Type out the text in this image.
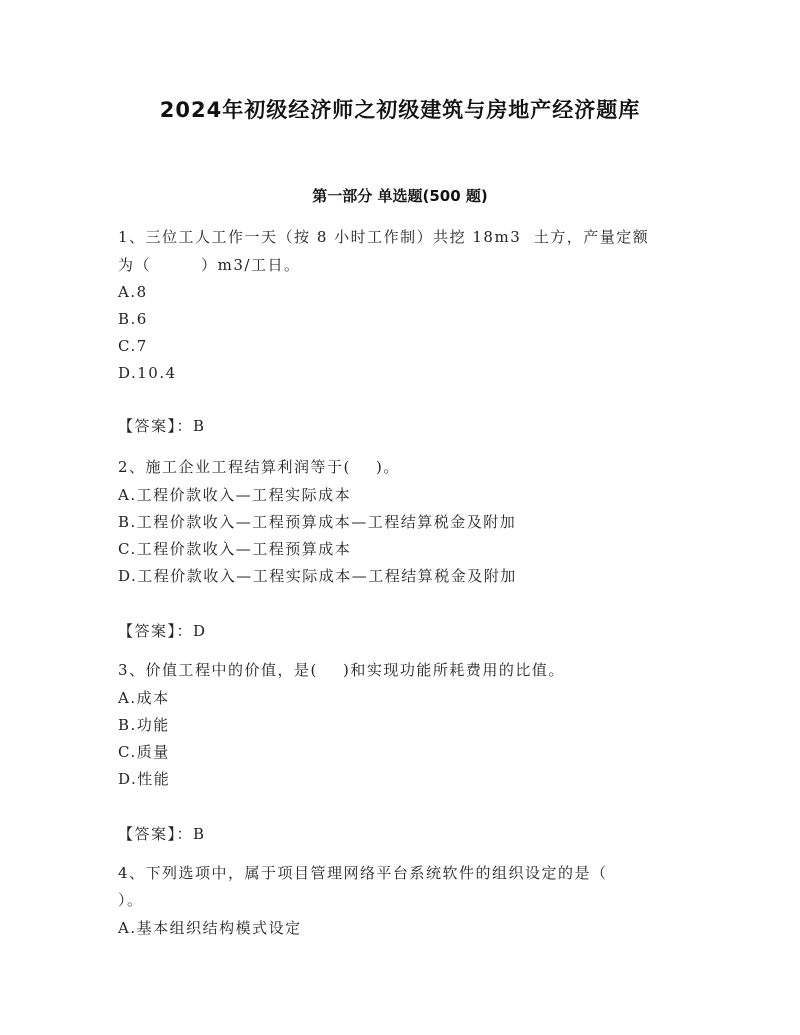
2024年初级经济师之初级建筑与房地产经济题库
第一部分 单选题(500 题)
1、三位工人工作一天（按 8 小时工作制）共挖 18m3  土方，产量定额
为（        ）m3/工日。
A.8
B.6
C.7
D.10.4
【答案】：B
2、施工企业工程结算利润等于(    )。
A.工程价款收入—工程实际成本
B.工程价款收入—工程预算成本—工程结算税金及附加
C.工程价款收入—工程预算成本
D.工程价款收入—工程实际成本—工程结算税金及附加
【答案】：D
3、价值工程中的价值，是(    )和实现功能所耗费用的比值。
A.成本
B.功能
C.质量
D.性能
【答案】：B
4、下列选项中，属于项目管理网络平台系统软件的组织设定的是（
）。
A.基本组织结构模式设定
